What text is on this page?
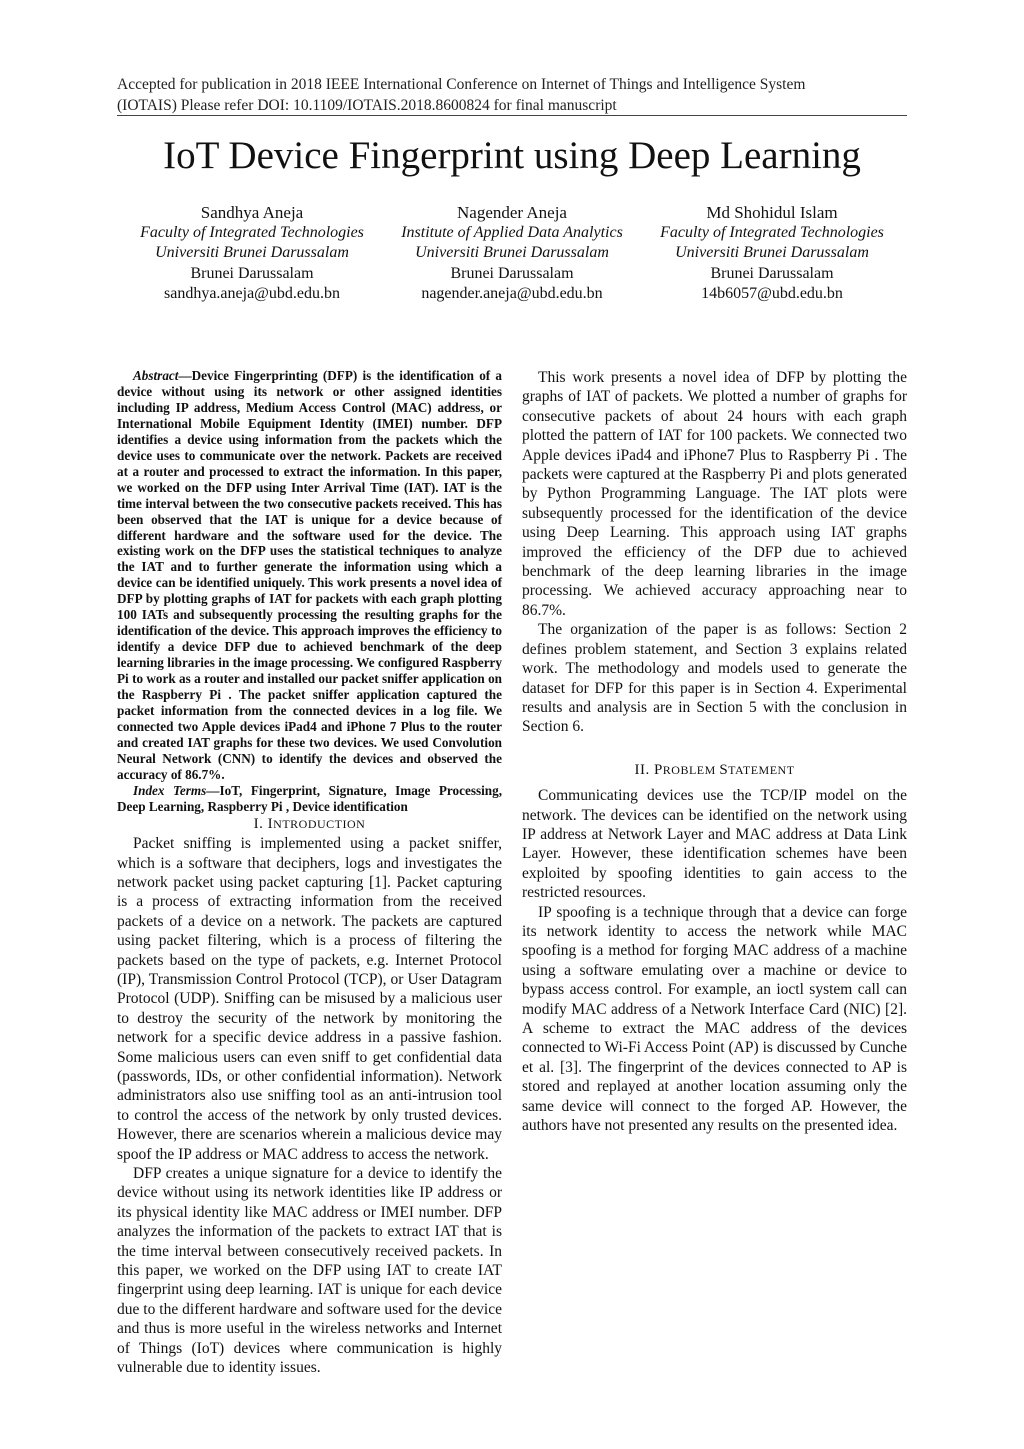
Accepted for publication in 2018 IEEE International Conference on Internet of Things and Intelligence System
(IOTAIS) Please refer DOI: 10.1109/IOTAIS.2018.8600824 for final manuscript
IoT Device Fingerprint using Deep Learning
Sandhya Aneja
Faculty of Integrated Technologies
Universiti Brunei Darussalam
Brunei Darussalam
sandhya.aneja@ubd.edu.bn
Nagender Aneja
Institute of Applied Data Analytics
Universiti Brunei Darussalam
Brunei Darussalam
nagender.aneja@ubd.edu.bn
Md Shohidul Islam
Faculty of Integrated Technologies
Universiti Brunei Darussalam
Brunei Darussalam
14b6057@ubd.edu.bn

Abstract—Device Fingerprinting (DFP) is the identification of a device without using its network or other assigned identities including IP address, Medium Access Control (MAC) address, or International Mobile Equipment Identity (IMEI) number. DFP identifies a device using information from the packets which the device uses to communicate over the network. Packets are received at a router and processed to extract the information. In this paper, we worked on the DFP using Inter Arrival Time (IAT). IAT is the time interval between the two consecutive packets received. This has been observed that the IAT is unique for a device because of different hardware and the software used for the device. The existing work on the DFP uses the statistical techniques to analyze the IAT and to further generate the information using which a device can be identified uniquely. This work presents a novel idea of DFP by plotting graphs of IAT for packets with each graph plotting 100 IATs and subsequently processing the resulting graphs for the identification of the device. This approach improves the efficiency to identify a device DFP due to achieved benchmark of the deep learning libraries in the image processing. We configured Raspberry Pi to work as a router and installed our packet sniffer application on the Raspberry Pi . The packet sniffer application captured the packet information from the connected devices in a log file. We connected two Apple devices iPad4 and iPhone 7 Plus to the router and created IAT graphs for these two devices. We used Convolution Neural Network (CNN) to identify the devices and observed the accuracy of 86.7%.

Index Terms—IoT, Fingerprint, Signature, Image Processing, Deep Learning, Raspberry Pi , Device identification

I. INTRODUCTION

Packet sniffing is implemented using a packet sniffer, which is a software that deciphers, logs and investigates the network packet using packet capturing [1]. Packet capturing is a process of extracting information from the received packets of a device on a network. The packets are captured using packet filtering, which is a process of filtering the packets based on the type of packets, e.g. Internet Protocol (IP), Transmission Control Protocol (TCP), or User Datagram Protocol (UDP). Sniffing can be misused by a malicious user to destroy the security of the network by monitoring the network for a specific device address in a passive fashion. Some malicious users can even sniff to get confidential data (passwords, IDs, or other confidential information). Network administrators also use sniffing tool as an anti-intrusion tool to control the access of the network by only trusted devices. However, there are scenarios wherein a malicious device may spoof the IP address or MAC address to access the network.

DFP creates a unique signature for a device to identify the device without using its network identities like IP address or its physical identity like MAC address or IMEI number. DFP analyzes the information of the packets to extract IAT that is the time interval between consecutively received packets. In this paper, we worked on the DFP using IAT to create IAT fingerprint using deep learning. IAT is unique for each device due to the different hardware and software used for the device and thus is more useful in the wireless networks and Internet of Things (IoT) devices where communication is highly vulnerable due to identity issues.

This work presents a novel idea of DFP by plotting the graphs of IAT of packets. We plotted a number of graphs for consecutive packets of about 24 hours with each graph plotted the pattern of IAT for 100 packets. We connected two Apple devices iPad4 and iPhone7 Plus to Raspberry Pi . The packets were captured at the Raspberry Pi and plots generated by Python Programming Language. The IAT plots were subsequently processed for the identification of the device using Deep Learning. This approach using IAT graphs improved the efficiency of the DFP due to achieved benchmark of the deep learning libraries in the image processing. We achieved accuracy approaching near to 86.7%.

The organization of the paper is as follows: Section 2 defines problem statement, and Section 3 explains related work. The methodology and models used to generate the dataset for DFP for this paper is in Section 4. Experimental results and analysis are in Section 5 with the conclusion in Section 6.

II. PROBLEM STATEMENT

Communicating devices use the TCP/IP model on the network. The devices can be identified on the network using IP address at Network Layer and MAC address at Data Link Layer. However, these identification schemes have been exploited by spoofing identities to gain access to the restricted resources.

IP spoofing is a technique through that a device can forge its network identity to access the network while MAC spoofing is a method for forging MAC address of a machine using a software emulating over a machine or device to bypass access control. For example, an ioctl system call can modify MAC address of a Network Interface Card (NIC) [2]. A scheme to extract the MAC address of the devices connected to Wi-Fi Access Point (AP) is discussed by Cunche et al. [3]. The fingerprint of the devices connected to AP is stored and replayed at another location assuming only the same device will connect to the forged AP. However, the authors have not presented any results on the presented idea.
